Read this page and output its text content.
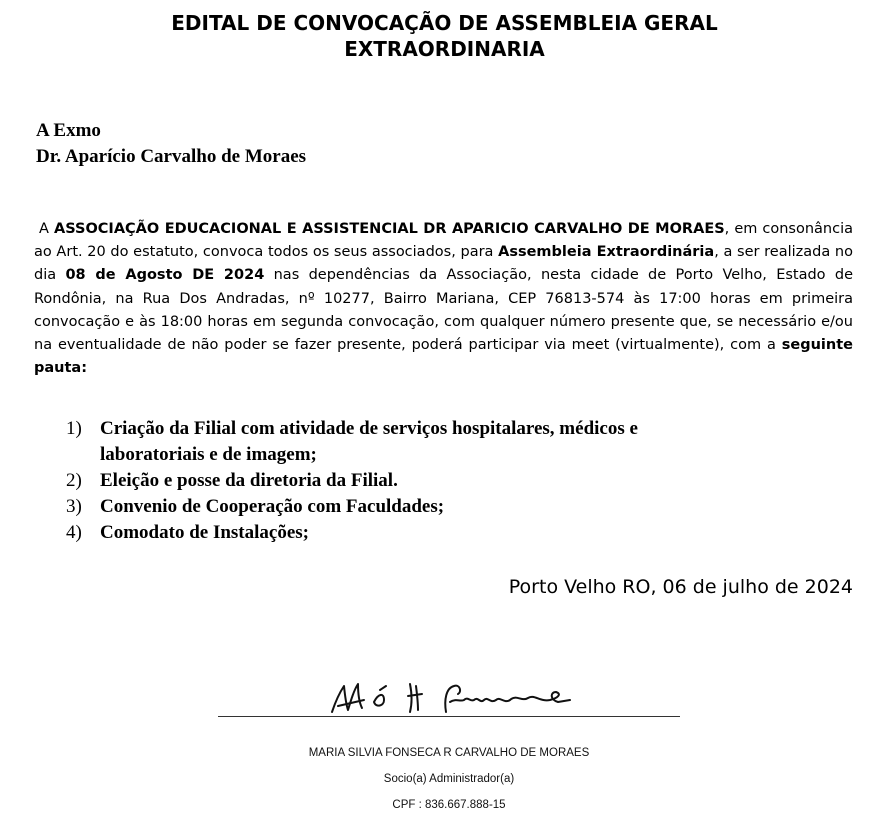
EDITAL DE CONVOCAÇÃO DE ASSEMBLEIA GERAL
EXTRAORDINARIA
A Exmo
Dr. Aparício Carvalho de Moraes
A ASSOCIAÇÃO EDUCACIONAL E ASSISTENCIAL DR APARICIO CARVALHO DE MORAES, em consonância ao Art. 20 do estatuto, convoca todos os seus associados, para Assembleia Extraordinária, a ser realizada no dia 08 de Agosto DE 2024 nas dependências da Associação, nesta cidade de Porto Velho, Estado de Rondônia, na Rua Dos Andradas, nº 10277, Bairro Mariana, CEP 76813-574 às 17:00 horas em primeira convocação e às 18:00 horas em segunda convocação, com qualquer número presente que, se necessário e/ou na eventualidade de não poder se fazer presente, poderá participar via meet (virtualmente), com a seguinte pauta:
1) Criação da Filial com atividade de serviços hospitalares, médicos e
laboratoriais e de imagem;
2) Eleição e posse da diretoria da Filial.
3) Convenio de Cooperação com Faculdades;
4) Comodato de Instalações;
Porto Velho RO, 06 de julho de 2024
MARIA SILVIA FONSECA R CARVALHO DE MORAES
Socio(a) Administrador(a)
CPF : 836.667.888-15
